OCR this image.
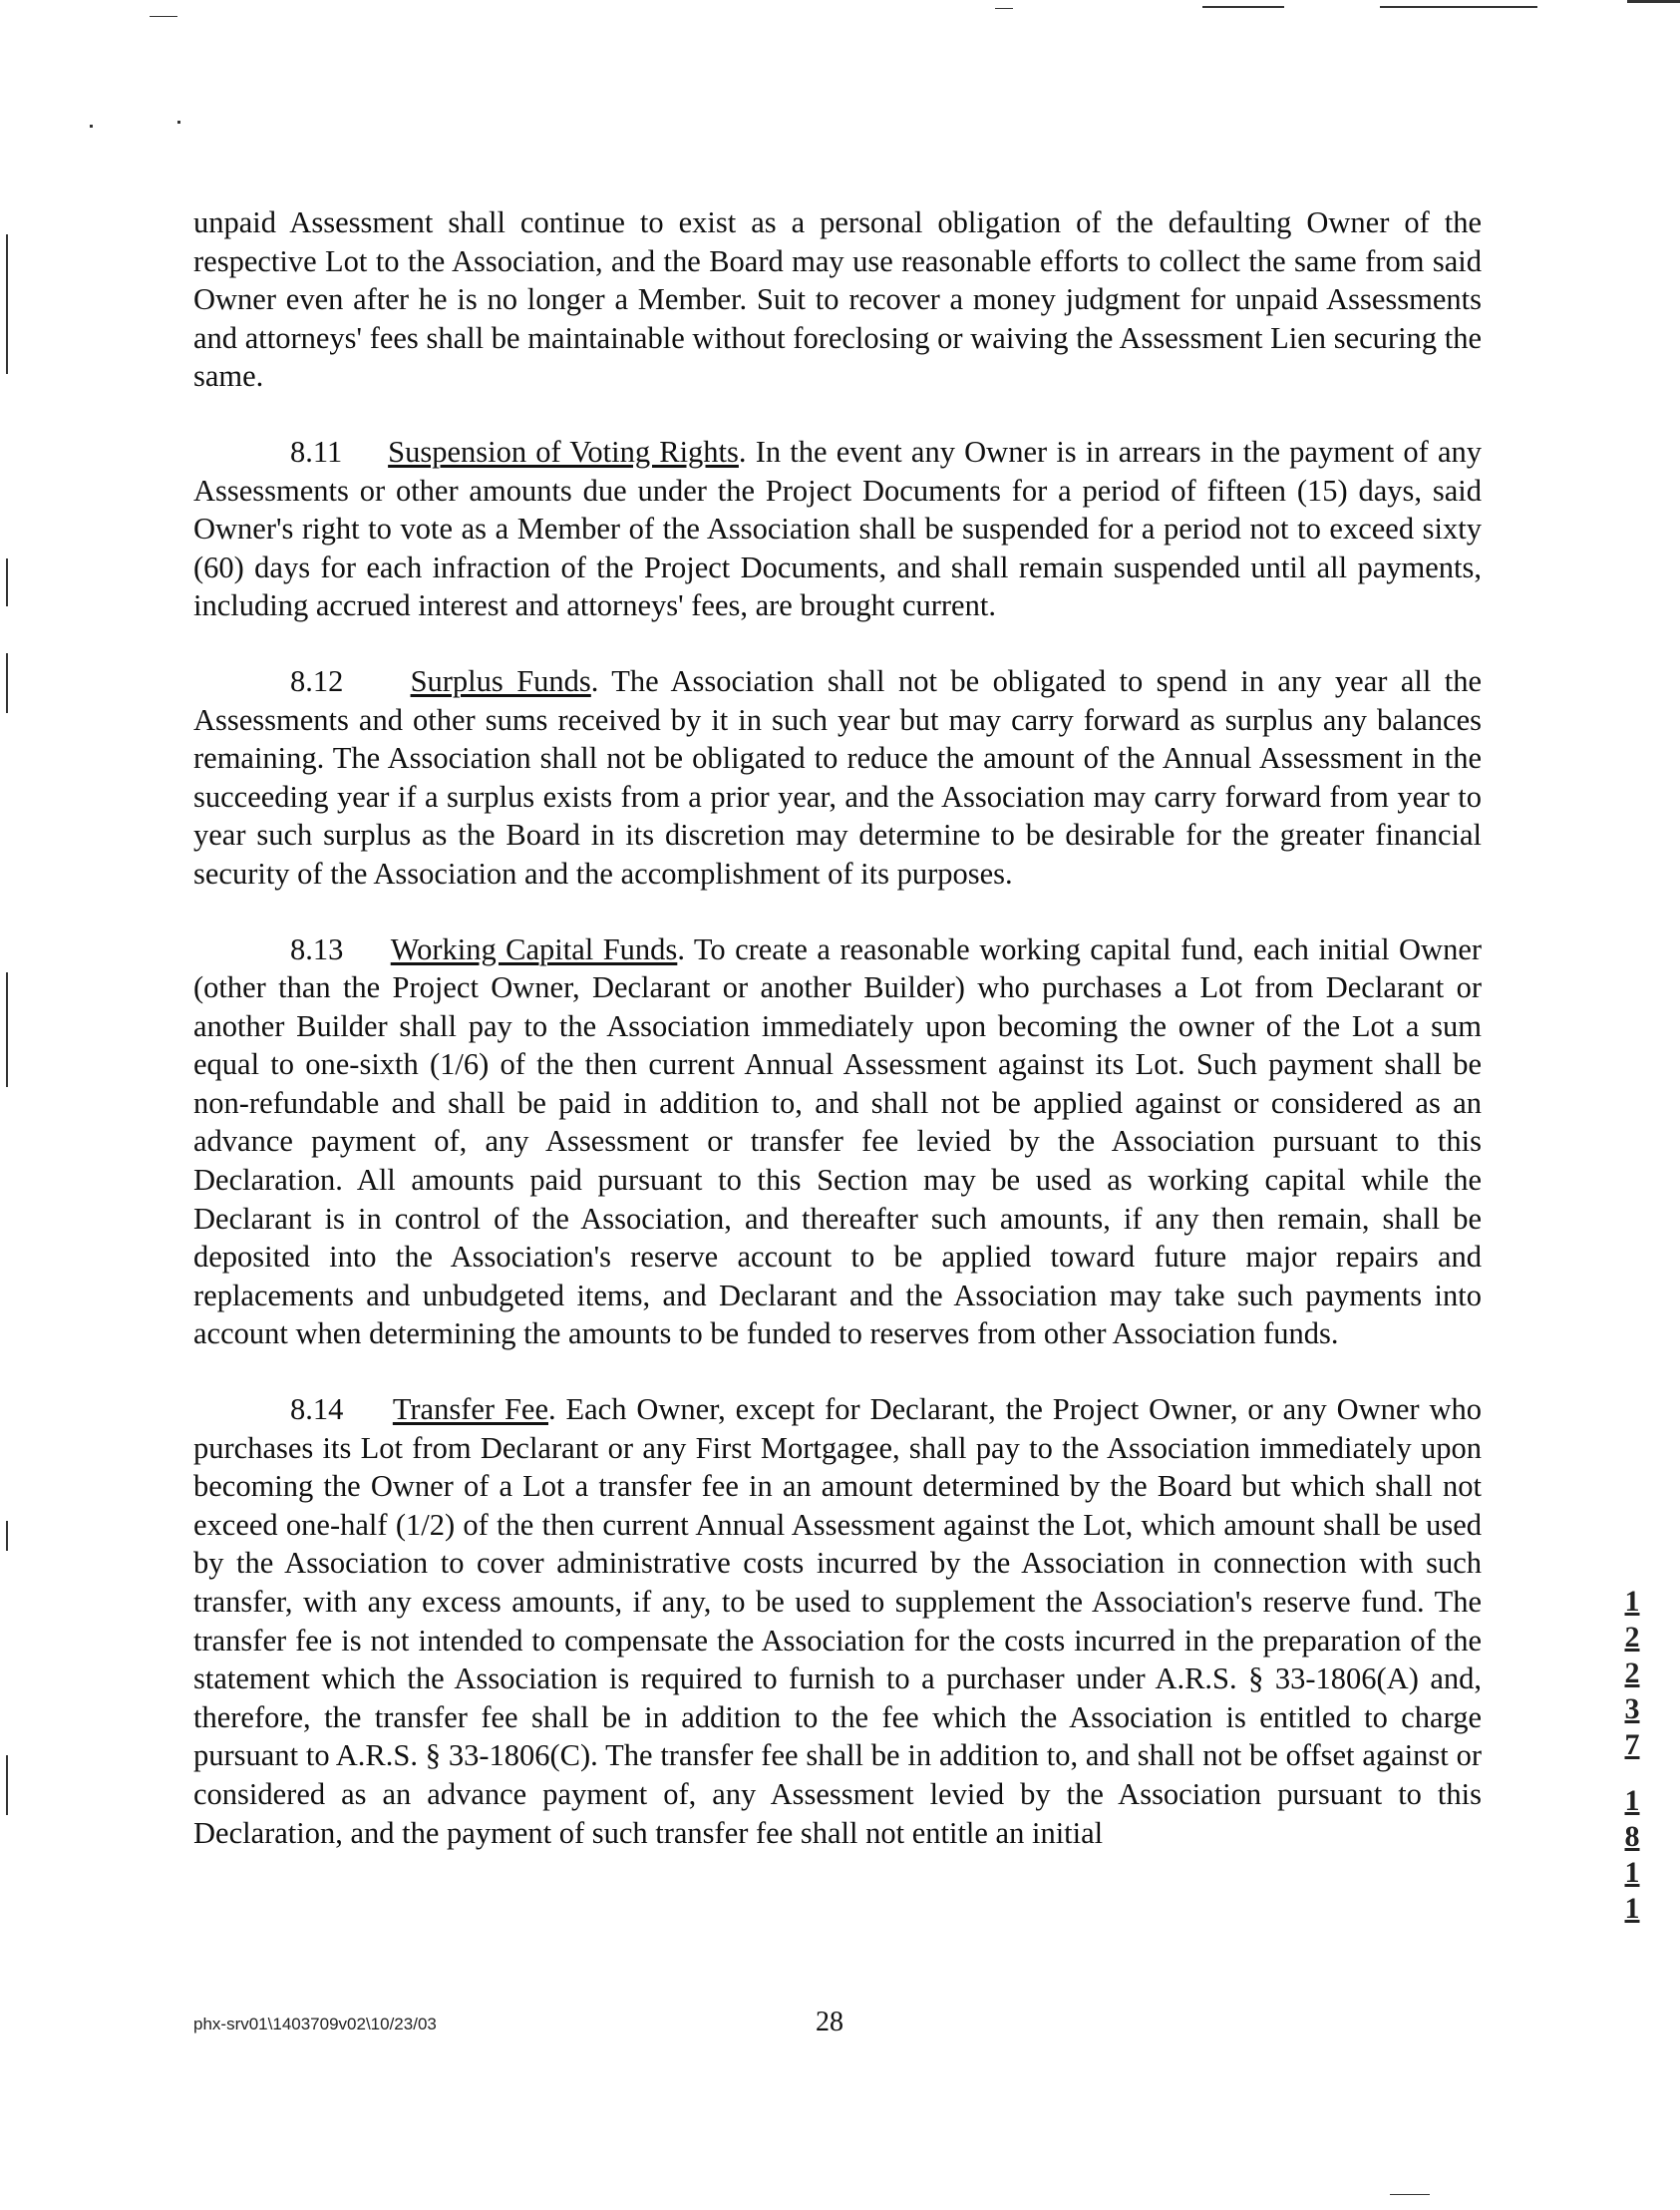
unpaid Assessment shall continue to exist as a personal obligation of the defaulting Owner of the respective Lot to the Association, and the Board may use reasonable efforts to collect the same from said Owner even after he is no longer a Member. Suit to recover a money judgment for unpaid Assessments and attorneys' fees shall be maintainable without foreclosing or waiving the Assessment Lien securing the same.

8.11 Suspension of Voting Rights. In the event any Owner is in arrears in the payment of any Assessments or other amounts due under the Project Documents for a period of fifteen (15) days, said Owner's right to vote as a Member of the Association shall be suspended for a period not to exceed sixty (60) days for each infraction of the Project Documents, and shall remain suspended until all payments, including accrued interest and attorneys' fees, are brought current.

8.12 Surplus Funds. The Association shall not be obligated to spend in any year all the Assessments and other sums received by it in such year but may carry forward as surplus any balances remaining. The Association shall not be obligated to reduce the amount of the Annual Assessment in the succeeding year if a surplus exists from a prior year, and the Association may carry forward from year to year such surplus as the Board in its discretion may determine to be desirable for the greater financial security of the Association and the accomplishment of its purposes.

8.13 Working Capital Funds. To create a reasonable working capital fund, each initial Owner (other than the Project Owner, Declarant or another Builder) who purchases a Lot from Declarant or another Builder shall pay to the Association immediately upon becoming the owner of the Lot a sum equal to one-sixth (1/6) of the then current Annual Assessment against its Lot. Such payment shall be non-refundable and shall be paid in addition to, and shall not be applied against or considered as an advance payment of, any Assessment or transfer fee levied by the Association pursuant to this Declaration. All amounts paid pursuant to this Section may be used as working capital while the Declarant is in control of the Association, and thereafter such amounts, if any then remain, shall be deposited into the Association's reserve account to be applied toward future major repairs and replacements and unbudgeted items, and Declarant and the Association may take such payments into account when determining the amounts to be funded to reserves from other Association funds.

8.14 Transfer Fee. Each Owner, except for Declarant, the Project Owner, or any Owner who purchases its Lot from Declarant or any First Mortgagee, shall pay to the Association immediately upon becoming the Owner of a Lot a transfer fee in an amount determined by the Board but which shall not exceed one-half (1/2) of the then current Annual Assessment against the Lot, which amount shall be used by the Association to cover administrative costs incurred by the Association in connection with such transfer, with any excess amounts, if any, to be used to supplement the Association's reserve fund. The transfer fee is not intended to compensate the Association for the costs incurred in the preparation of the statement which the Association is required to furnish to a purchaser under A.R.S. § 33-1806(A) and, therefore, the transfer fee shall be in addition to the fee which the Association is entitled to charge pursuant to A.R.S. § 33-1806(C). The transfer fee shall be in addition to, and shall not be offset against or considered as an advance payment of, any Assessment levied by the Association pursuant to this Declaration, and the payment of such transfer fee shall not entitle an initial

1
2
2
3
7
1
8
1
1
phx-srv01\1403709v02\10/23/03	28
